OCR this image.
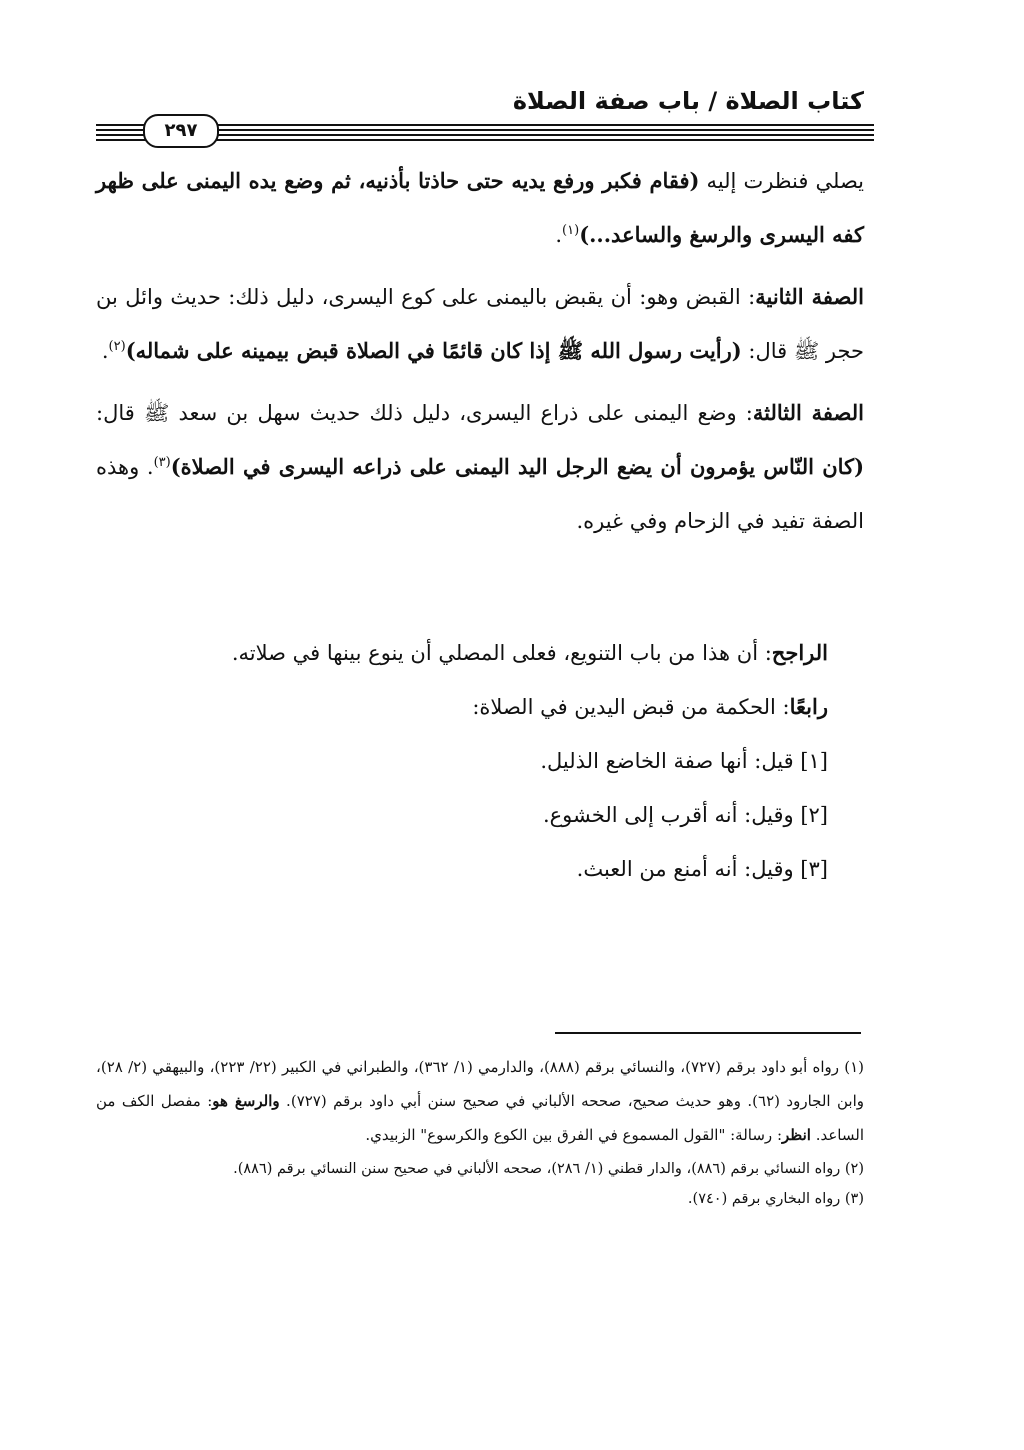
كتاب الصلاة / باب صفة الصلاة
٢٩٧

يصلي فنظرت إليه (فقام فكبر ورفع يديه حتى حاذتا بأذنيه، ثم وضع يده اليمنى على ظهر كفه اليسرى والرسغ والساعد...)$^{(١)}$.

الصفة الثانية: القبض وهو: أن يقبض باليمنى على كوع اليسرى، دليل ذلك: حديث وائل بن حجر ﷺ قال: (رأيت رسول الله ﷺ إذا كان قائمًا في الصلاة قبض بيمينه على شماله)$^{(٢)}$.

الصفة الثالثة: وضع اليمنى على ذراع اليسرى، دليل ذلك حديث سهل بن سعد ﷺ قال: (كان النّاس يؤمرون أن يضع الرجل اليد اليمنى على ذراعه اليسرى في الصلاة)$^{(٣)}$. وهذه الصفة تفيد في الزحام وفي غيره.

الراجح: أن هذا من باب التنويع، فعلى المصلي أن ينوع بينها في صلاته.

رابعًا: الحكمة من قبض اليدين في الصلاة:

[١] قيل: أنها صفة الخاضع الذليل.

[٢] وقيل: أنه أقرب إلى الخشوع.

[٣] وقيل: أنه أمنع من العبث.

(١) رواه أبو داود برقم (٧٢٧)، والنسائي برقم (٨٨٨)، والدارمي (١/ ٣٦٢)، والطبراني في الكبير (٢٢/ ٢٢٣)، والبيهقي (٢/ ٢٨)، وابن الجارود (٦٢). وهو حديث صحيح، صححه الألباني في صحيح سنن أبي داود برقم (٧٢٧). والرسغ هو: مفصل الكف من الساعد. انظر: رسالة: "القول المسموع في الفرق بين الكوع والكرسوع" الزبيدي.

(٢) رواه النسائي برقم (٨٨٦)، والدار قطني (١/ ٢٨٦)، صححه الألباني في صحيح سنن النسائي برقم (٨٨٦).

(٣) رواه البخاري برقم (٧٤٠).
